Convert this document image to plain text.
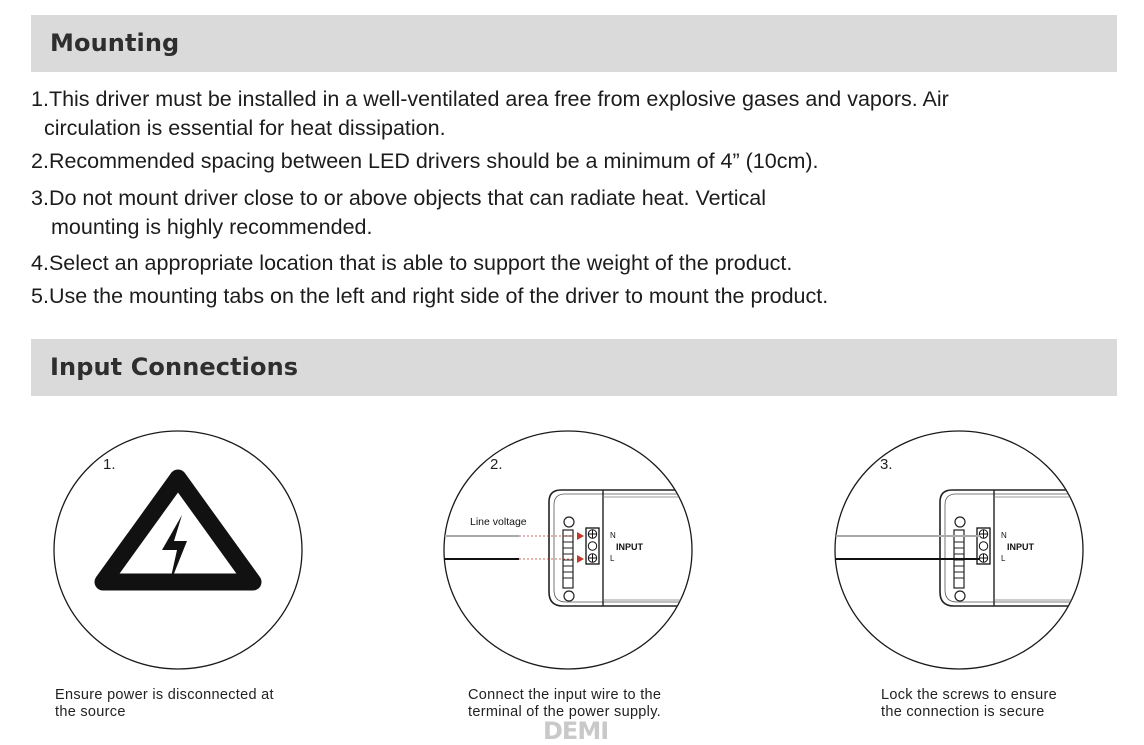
Mounting
1.This driver must be installed in a well-ventilated area free from explosive gases and vapors. Air
circulation is essential for heat dissipation.
2.Recommended spacing between LED drivers should be a minimum of 4” (10cm).
3.Do not mount driver close to or above objects that can radiate heat. Vertical
mounting is highly recommended.
4.Select an appropriate location that is able to support the weight of the product.
5.Use the mounting tabs on the left and right side of the driver to mount the product.
Input Connections
1.
N
INPUT
L
Line voltage
2.
N
INPUT
L
3.
Ensure power is disconnected at
the source
Connect the input wire to the
terminal of the power supply.
Lock the screws to ensure
the connection is secure
DEMI
